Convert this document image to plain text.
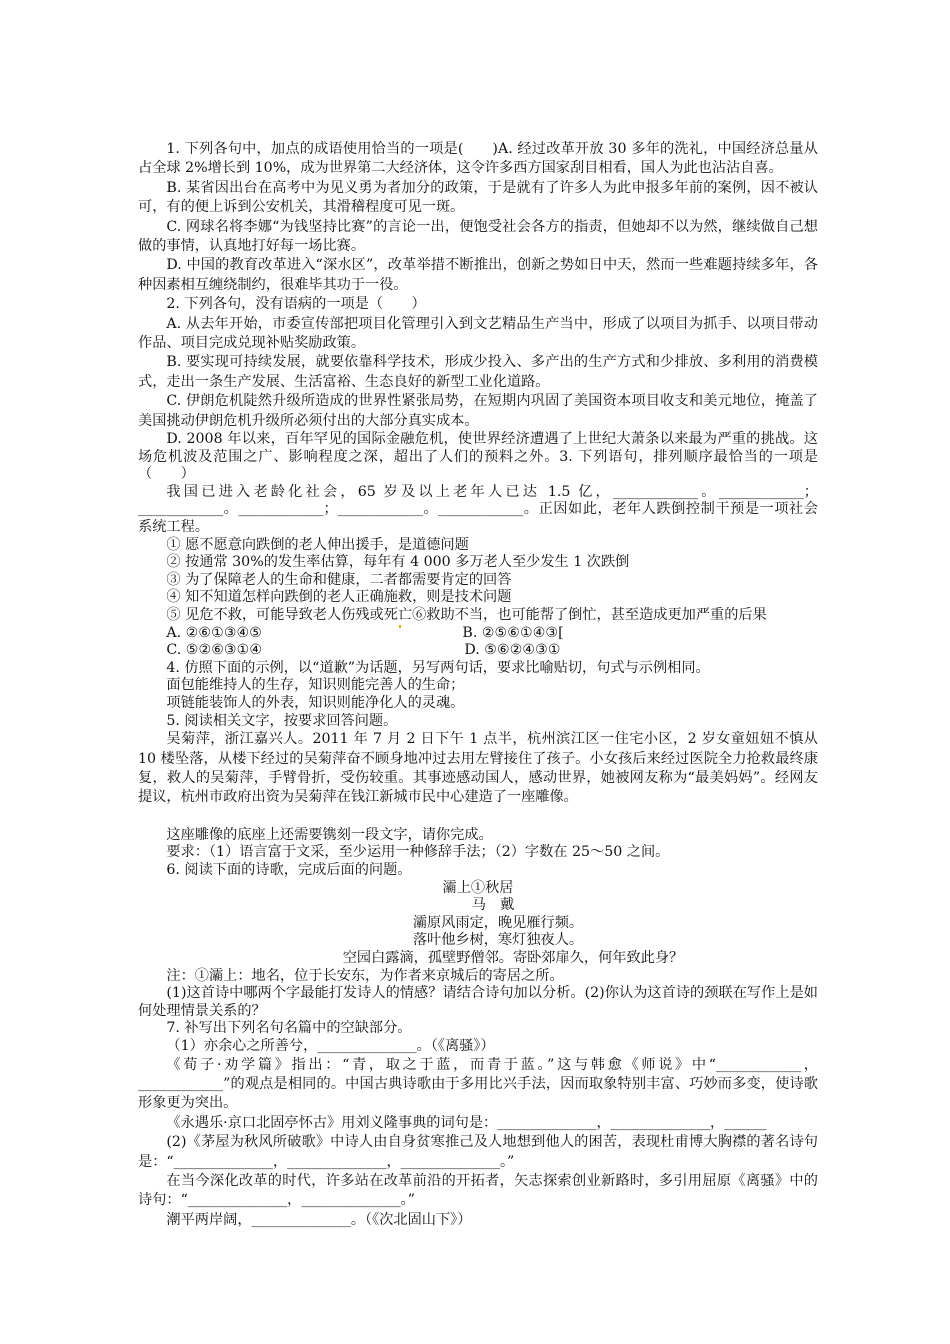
1. 下列各句中，加点的成语使用恰当的一项是(　　)A. 经过改革开放 30 多年的洗礼，中国经济总量从占全球 2%增长到 10%，成为世界第二大经济体，这令许多西方国家刮目相看，国人为此也沾沾自喜。

B. 某省因出台在高考中为见义勇为者加分的政策，于是就有了许多人为此申报多年前的案例，因不被认可，有的便上诉到公安机关，其滑稽程度可见一斑。

C. 网球名将李娜“为钱坚持比赛”的言论一出，便饱受社会各方的指责，但她却不以为然，继续做自己想做的事情，认真地打好每一场比赛。

D. 中国的教育改革进入“深水区”，改革举措不断推出，创新之势如日中天，然而一些难题持续多年，各种因素相互缠绕制约，很难毕其功于一役。

2. 下列各句，没有语病的一项是（　　）

A. 从去年开始，市委宣传部把项目化管理引入到文艺精品生产当中，形成了以项目为抓手、以项目带动作品、项目完成兑现补贴奖励政策。

B. 要实现可持续发展，就要依靠科学技术，形成少投入、多产出的生产方式和少排放、多利用的消费模式，走出一条生产发展、生活富裕、生态良好的新型工业化道路。

C. 伊朗危机陡然升级所造成的世界性紧张局势，在短期内巩固了美国资本项目收支和美元地位，掩盖了美国挑动伊朗危机升级所必须付出的大部分真实成本。

D. 2008 年以来，百年罕见的国际金融危机，使世界经济遭遇了上世纪大萧条以来最为严重的挑战。这场危机波及范围之广、影响程度之深，超出了人们的预料之外。3. 下列语句，排列顺序最恰当的一项是（　　）

我国已进入老龄化社会，65 岁及以上老年人已达 1.5 亿，____________。____________；____________。____________；____________。____________。正因如此，老年人跌倒控制干预是一项社会系统工程。

① 愿不愿意向跌倒的老人伸出援手，是道德问题

② 按通常 30%的发生率估算，每年有 4 000 多万老人至少发生 1 次跌倒

③ 为了保障老人的生命和健康，二者都需要肯定的回答

④ 知不知道怎样向跌倒的老人正确施救，则是技术问题

⑤ 见危不救，可能导致老人伤残或死亡⑥救助不当，也可能帮了倒忙，甚至造成更加严重的后果

A. ②⑥①③④⑤	B. ②⑤⑥①④③[
C. ⑤②⑥③①④	D. ⑤⑥②④③①

4. 仿照下面的示例，以“道歉”为话题，另写两句话，要求比喻贴切，句式与示例相同。

面包能维持人的生存，知识则能完善人的生命；

项链能装饰人的外表，知识则能净化人的灵魂。

5. 阅读相关文字，按要求回答问题。

吴菊萍，浙江嘉兴人。2011 年 7 月 2 日下午 1 点半，杭州滨江区一住宅小区，2 岁女童妞妞不慎从 10 楼坠落，从楼下经过的吴菊萍奋不顾身地冲过去用左臂接住了孩子。小女孩后来经过医院全力抢救最终康复，救人的吴菊萍，手臂骨折，受伤较重。其事迹感动国人，感动世界，她被网友称为“最美妈妈”。经网友提议，杭州市政府出资为吴菊萍在钱江新城市民中心建造了一座雕像。

这座雕像的底座上还需要镌刻一段文字，请你完成。

要求：（1）语言富于文采，至少运用一种修辞手法；（2）字数在 25～50 之间。

6. 阅读下面的诗歌，完成后面的问题。

灞上①秋居

马　戴

灞原风雨定，晚见雁行频。

落叶他乡树，寒灯独夜人。

空园白露滴，孤壁野僧邻。寄卧郊扉久，何年致此身？

注：①灞上：地名，位于长安东，为作者来京城后的寄居之所。

(1)这首诗中哪两个字最能打发诗人的情感？请结合诗句加以分析。(2)你认为这首诗的颈联在写作上是如何处理情景关系的？

7. 补写出下列名句名篇中的空缺部分。

（1）亦余心之所善兮，______________。（《离骚》）

《荀子·劝学篇》指出：“青，取之于蓝，而青于蓝。”这与韩愈《师说》中“____________，____________”的观点是相同的。中国古典诗歌由于多用比兴手法，因而取象特别丰富、巧妙而多变，使诗歌形象更为突出。

《永遇乐·京口北固亭怀古》用刘义隆事典的词句是：______________，______________，______

(2)《茅屋为秋风所破歌》中诗人由自身贫寒推己及人地想到他人的困苦，表现杜甫博大胸襟的著名诗句是：“______________，______________，______________。”

在当今深化改革的时代，许多站在改革前沿的开拓者，矢志探索创业新路时，多引用屈原《离骚》中的诗句：“______________，______________。”

潮平两岸阔，______________。（《次北固山下》）
